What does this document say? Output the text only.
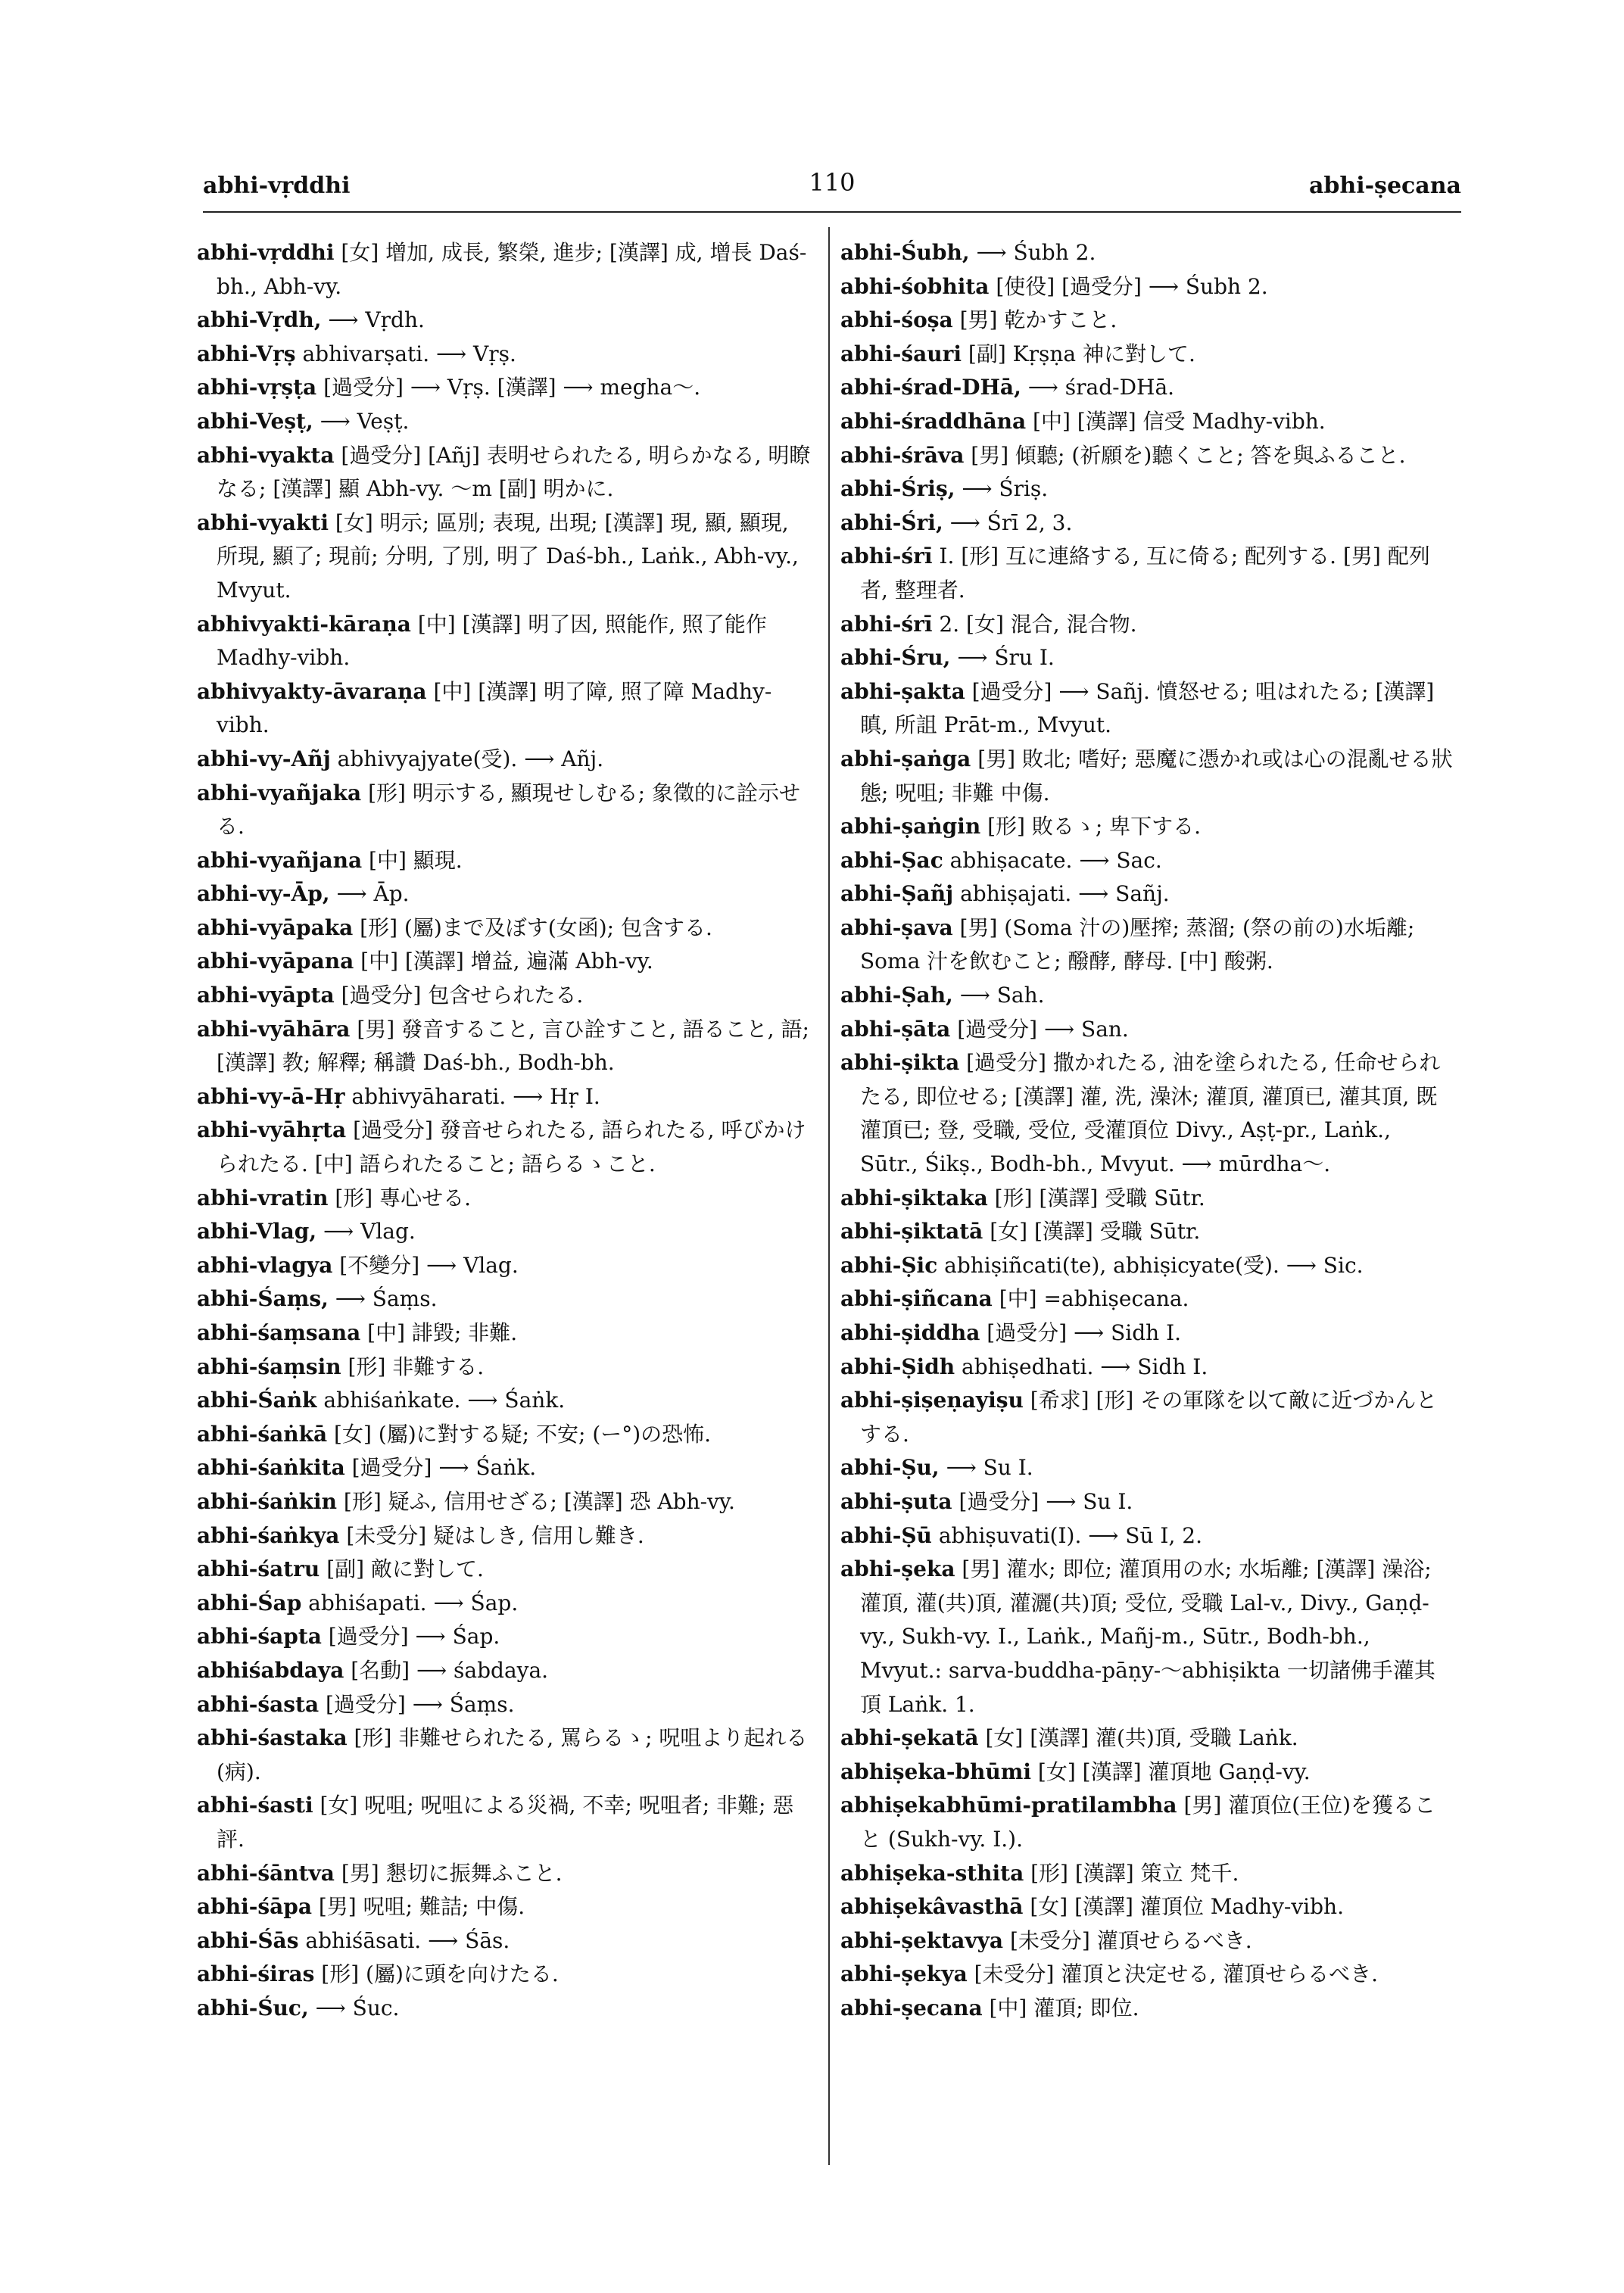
abhi-vṛddhi	110	abhi-ṣecana

abhi-vṛddhi [女] 增加, 成長, 繁榮, 進步; [漢譯] 成, 增長 Daś-bh., Abh-vy.

abhi-Vṛdh, ⟶ Vṛdh.

abhi-Vṛṣ abhivarṣati. ⟶ Vṛṣ.

abhi-vṛṣṭa [過受分] ⟶ Vṛṣ. [漢譯] ⟶ megha〜.

abhi-Veṣṭ, ⟶ Veṣṭ.

abhi-vyakta [過受分] [Añj] 表明せられたる, 明らかなる, 明瞭なる; [漢譯] 顯 Abh-vy. 〜m [副] 明かに.

abhi-vyakti [女] 明示; 區別; 表現, 出現; [漢譯] 現, 顯, 顯現, 所現, 顯了; 現前; 分明, 了別, 明了 Daś-bh., Laṅk., Abh-vy., Mvyut.

abhivyakti-kāraṇa [中] [漢譯] 明了因, 照能作, 照了能作 Madhy-vibh.

abhivyakty-āvaraṇa [中] [漢譯] 明了障, 照了障 Madhy-vibh.

abhi-vy-Añj abhivyajyate(受). ⟶ Añj.

abhi-vyañjaka [形] 明示する, 顯現せしむる; 象徵的に詮示せる.

abhi-vyañjana [中] 顯現.

abhi-vy-Āp, ⟶ Āp.

abhi-vyāpaka [形] (屬)まで及ぼす(女函); 包含する.

abhi-vyāpana [中] [漢譯] 增益, 遍滿 Abh-vy.

abhi-vyāpta [過受分] 包含せられたる.

abhi-vyāhāra [男] 發音すること, 言ひ詮すこと, 語ること, 語; [漢譯] 教; 解釋; 稱讚 Daś-bh., Bodh-bh.

abhi-vy-ā-Hṛ abhivyāharati. ⟶ Hṛ I.

abhi-vyāhṛta [過受分] 發音せられたる, 語られたる, 呼びかけられたる. [中] 語られたること; 語らるゝこと.

abhi-vratin [形] 專心せる.

abhi-Vlag, ⟶ Vlag.

abhi-vlagya [不變分] ⟶ Vlag.

abhi-Śaṃs, ⟶ Śaṃs.

abhi-śaṃsana [中] 誹毀; 非難.

abhi-śaṃsin [形] 非難する.

abhi-Śaṅk abhiśaṅkate. ⟶ Śaṅk.

abhi-śaṅkā [女] (屬)に對する疑; 不安; (ー°)の恐怖.

abhi-śaṅkita [過受分] ⟶ Śaṅk.

abhi-śaṅkin [形] 疑ふ, 信用せざる; [漢譯] 恐 Abh-vy.

abhi-śaṅkya [未受分] 疑はしき, 信用し難き.

abhi-śatru [副] 敵に對して.

abhi-Śap abhiśapati. ⟶ Śap.

abhi-śapta [過受分] ⟶ Śap.

abhiśabdaya [名動] ⟶ śabdaya.

abhi-śasta [過受分] ⟶ Śaṃs.

abhi-śastaka [形] 非難せられたる, 罵らるゝ; 呪咀より起れる(病).

abhi-śasti [女] 呪咀; 呪咀による災禍, 不幸; 呪咀者; 非難; 惡評.

abhi-śāntva [男] 懇切に振舞ふこと.

abhi-śāpa [男] 呪咀; 難詰; 中傷.

abhi-Śās abhiśāsati. ⟶ Śās.

abhi-śiras [形] (屬)に頭を向けたる.

abhi-Śuc, ⟶ Śuc.

abhi-Śubh, ⟶ Śubh 2.

abhi-śobhita [使役] [過受分] ⟶ Śubh 2.

abhi-śoṣa [男] 乾かすこと.

abhi-śauri [副] Kṛṣṇa 神に對して.

abhi-śrad-DHā, ⟶ śrad-DHā.

abhi-śraddhāna [中] [漢譯] 信受 Madhy-vibh.

abhi-śrāva [男] 傾聽; (祈願を)聽くこと; 答を與ふること.

abhi-Śriṣ, ⟶ Śriṣ.

abhi-Śri, ⟶ Śrī 2, 3.

abhi-śrī I. [形] 互に連絡する, 互に倚る; 配列する. [男] 配列者, 整理者.

abhi-śrī 2. [女] 混合, 混合物.

abhi-Śru, ⟶ Śru I.

abhi-ṣakta [過受分] ⟶ Sañj. 憤怒せる; 咀はれたる; [漢譯] 瞋, 所詛 Prāt-m., Mvyut.

abhi-ṣaṅga [男] 敗北; 嗜好; 惡魔に憑かれ或は心の混亂せる狀態; 呪咀; 非難 中傷.

abhi-ṣaṅgin [形] 敗るゝ; 卑下する.

abhi-Ṣac abhiṣacate. ⟶ Sac.

abhi-Ṣañj abhiṣajati. ⟶ Sañj.

abhi-ṣava [男] (Soma 汁の)壓搾; 蒸溜; (祭の前の)水垢離; Soma 汁を飲むこと; 醱酵, 酵母. [中] 酸粥.

abhi-Ṣah, ⟶ Sah.

abhi-ṣāta [過受分] ⟶ San.

abhi-ṣikta [過受分] 撒かれたる, 油を塗られたる, 任命せられたる, 即位せる; [漢譯] 灌, 洗, 澡沐; 灌頂, 灌頂已, 灌其頂, 既灌頂已; 登, 受職, 受位, 受灌頂位 Divy., Aṣṭ-pr., Laṅk., Sūtr., Śikṣ., Bodh-bh., Mvyut. ⟶ mūrdha〜.

abhi-ṣiktaka [形] [漢譯] 受職 Sūtr.

abhi-ṣiktatā [女] [漢譯] 受職 Sūtr.

abhi-Ṣic abhiṣiñcati(te), abhiṣicyate(受). ⟶ Sic.

abhi-ṣiñcana [中] =abhiṣecana.

abhi-ṣiddha [過受分] ⟶ Sidh I.

abhi-Ṣidh abhiṣedhati. ⟶ Sidh I.

abhi-ṣiṣeṇayiṣu [希求] [形] その軍隊を以て敵に近づかんとする.

abhi-Ṣu, ⟶ Su I.

abhi-ṣuta [過受分] ⟶ Su I.

abhi-Ṣū abhiṣuvati(I). ⟶ Sū I, 2.

abhi-ṣeka [男] 灌水; 即位; 灌頂用の水; 水垢離; [漢譯] 澡浴; 灌頂, 灌(共)頂, 灌灑(共)頂; 受位, 受職 Lal-v., Divy., Gaṇḍ-vy., Sukh-vy. I., Laṅk., Mañj-m., Sūtr., Bodh-bh., Mvyut.: sarva-buddha-pāṇy-〜abhiṣikta 一切諸佛手灌其頂 Laṅk. 1.

abhi-ṣekatā [女] [漢譯] 灌(共)頂, 受職 Laṅk.

abhiṣeka-bhūmi [女] [漢譯] 灌頂地 Gaṇḍ-vy.

abhiṣekabhūmi-pratilambha [男] 灌頂位(王位)を獲ること (Sukh-vy. I.).

abhiṣeka-sthita [形] [漢譯] 策立 梵千.

abhiṣekâvasthā [女] [漢譯] 灌頂位 Madhy-vibh.

abhi-ṣektavya [未受分] 灌頂せらるべき.

abhi-ṣekya [未受分] 灌頂と決定せる, 灌頂せらるべき.

abhi-ṣecana [中] 灌頂; 即位.
